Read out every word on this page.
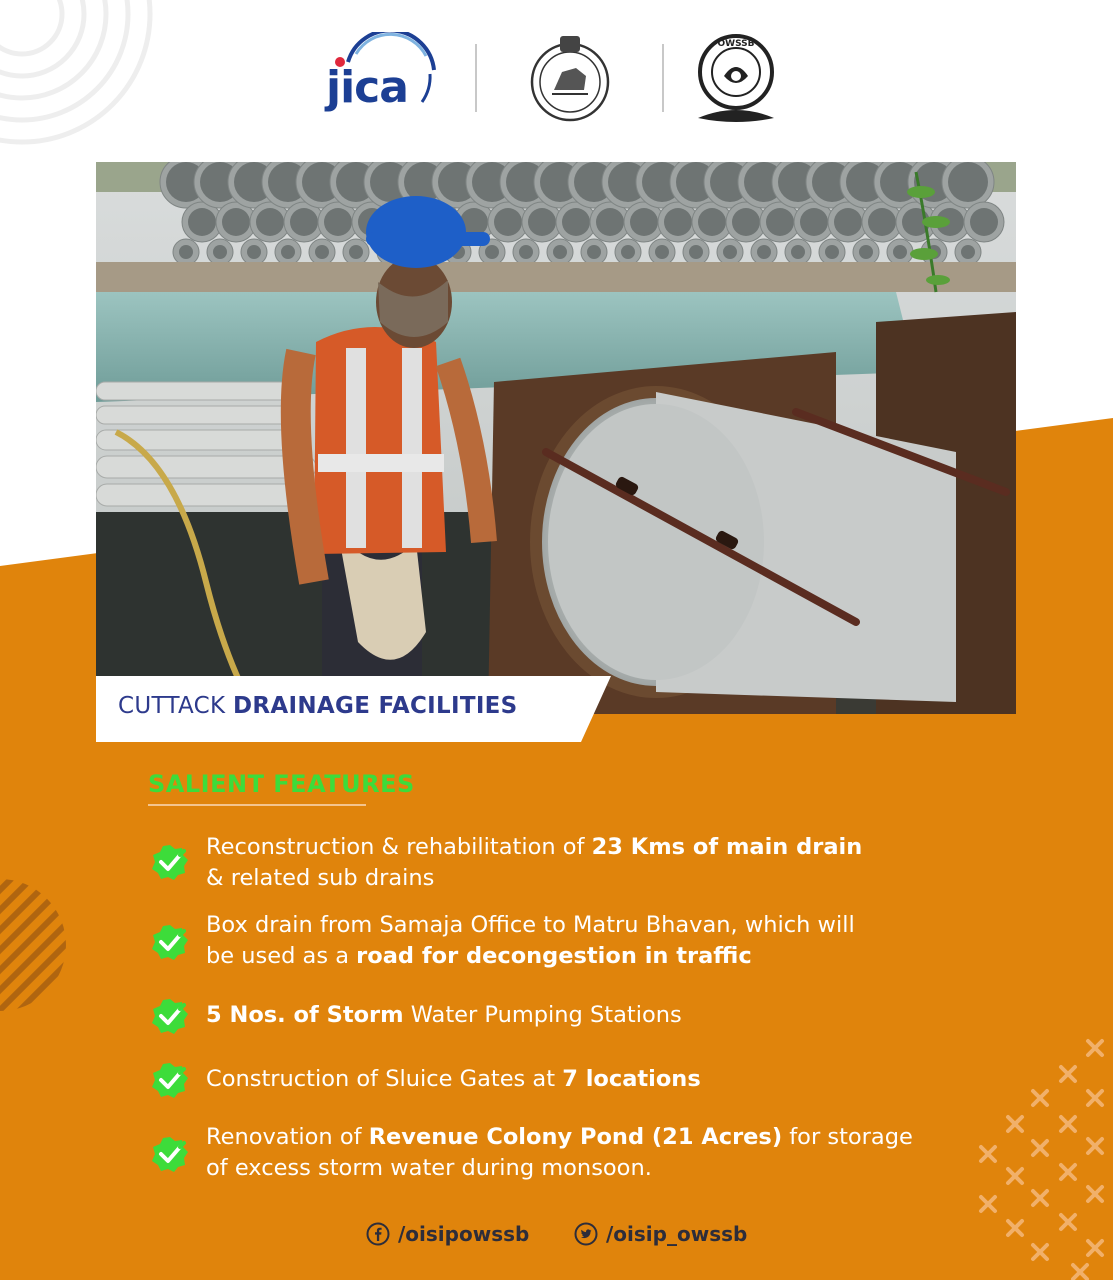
jica
OWSSB
CUTTACK DRAINAGE FACILITIES
SALIENT FEATURES
Reconstruction & rehabilitation of 23 Kms of main drain
& related sub drains
Box drain from Samaja Office to Matru Bhavan, which will
be used as a road for decongestion in traffic
5 Nos. of Storm Water Pumping Stations
Construction of Sluice Gates at 7 locations
Renovation of Revenue Colony Pond (21 Acres) for storage
of excess storm water during monsoon.
/oisipowssb	/oisip_owssb
